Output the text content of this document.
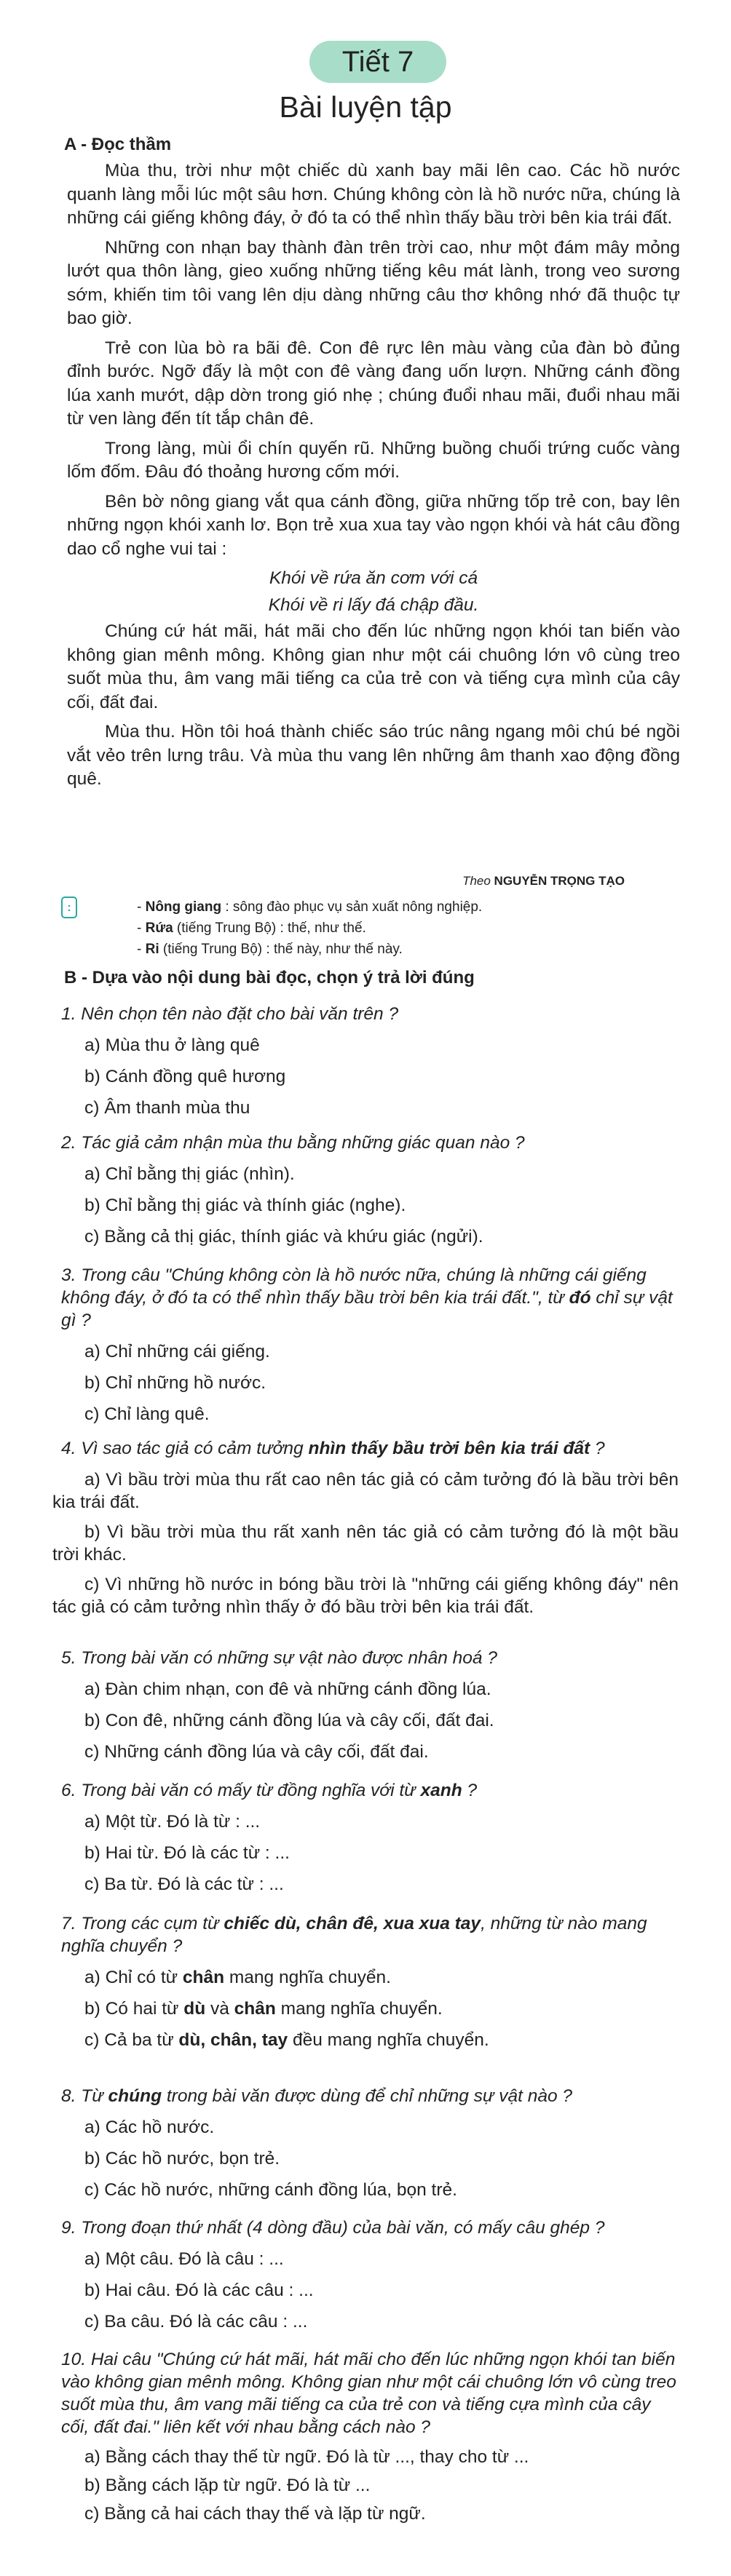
Tiết 7
Bài luyện tập
A - Đọc thầm

Mùa thu, trời như một chiếc dù xanh bay mãi lên cao. Các hồ nước quanh làng mỗi lúc một sâu hơn. Chúng không còn là hồ nước nữa, chúng là những cái giếng không đáy, ở đó ta có thể nhìn thấy bầu trời bên kia trái đất.

Những con nhạn bay thành đàn trên trời cao, như một đám mây mỏng lướt qua thôn làng, gieo xuống những tiếng kêu mát lành, trong veo sương sớm, khiến tim tôi vang lên dịu dàng những câu thơ không nhớ đã thuộc tự bao giờ.

Trẻ con lùa bò ra bãi đê. Con đê rực lên màu vàng của đàn bò đủng đỉnh bước. Ngỡ đấy là một con đê vàng đang uốn lượn. Những cánh đồng lúa xanh mướt, dập dờn trong gió nhẹ ; chúng đuổi nhau mãi, đuổi nhau mãi từ ven làng đến tít tắp chân đê.

Trong làng, mùi ổi chín quyến rũ. Những buồng chuối trứng cuốc vàng lốm đốm. Đâu đó thoảng hương cốm mới.

Bên bờ nông giang vắt qua cánh đồng, giữa những tốp trẻ con, bay lên những ngọn khói xanh lơ. Bọn trẻ xua xua tay vào ngọn khói và hát câu đồng dao cổ nghe vui tai :

Khói về rứa ăn cơm với cá

Khói về ri lấy đá chập đầu.

Chúng cứ hát mãi, hát mãi cho đến lúc những ngọn khói tan biến vào không gian mênh mông. Không gian như một cái chuông lớn vô cùng treo suốt mùa thu, âm vang mãi tiếng ca của trẻ con và tiếng cựa mình của cây cối, đất đai.

Mùa thu. Hồn tôi hoá thành chiếc sáo trúc nâng ngang môi chú bé ngồi vắt vẻo trên lưng trâu. Và mùa thu vang lên những âm thanh xao động đồng quê.

Theo NGUYỄN TRỌNG TẠO
:	- Nông giang : sông đào phục vụ sản xuất nông nghiệp.
- Rứa (tiếng Trung Bộ) : thế, như thế.
- Ri (tiếng Trung Bộ) : thế này, như thế này.
B - Dựa vào nội dung bài đọc, chọn ý trả lời đúng
1. Nên chọn tên nào đặt cho bài văn trên ?
a) Mùa thu ở làng quê
b) Cánh đồng quê hương
c) Âm thanh mùa thu
2. Tác giả cảm nhận mùa thu bằng những giác quan nào ?
a) Chỉ bằng thị giác (nhìn).
b) Chỉ bằng thị giác và thính giác (nghe).
c) Bằng cả thị giác, thính giác và khứu giác (ngửi).
3. Trong câu "Chúng không còn là hồ nước nữa, chúng là những cái giếng không đáy, ở đó ta có thể nhìn thấy bầu trời bên kia trái đất.", từ đó chỉ sự vật gì ?
a) Chỉ những cái giếng.
b) Chỉ những hồ nước.
c) Chỉ làng quê.
4. Vì sao tác giả có cảm tưởng nhìn thấy bầu trời bên kia trái đất ?
a) Vì bầu trời mùa thu rất cao nên tác giả có cảm tưởng đó là bầu trời bên kia trái đất.
b) Vì bầu trời mùa thu rất xanh nên tác giả có cảm tưởng đó là một bầu trời khác.
c) Vì những hồ nước in bóng bầu trời là "những cái giếng không đáy" nên tác giả có cảm tưởng nhìn thấy ở đó bầu trời bên kia trái đất.
5. Trong bài văn có những sự vật nào được nhân hoá ?
a) Đàn chim nhạn, con đê và những cánh đồng lúa.
b) Con đê, những cánh đồng lúa và cây cối, đất đai.
c) Những cánh đồng lúa và cây cối, đất đai.
6. Trong bài văn có mấy từ đồng nghĩa với từ xanh ?
a) Một từ. Đó là từ : ...
b) Hai từ. Đó là các từ : ...
c) Ba từ. Đó là các từ : ...
7. Trong các cụm từ chiếc dù, chân đê, xua xua tay, những từ nào mang nghĩa chuyển ?
a) Chỉ có từ chân mang nghĩa chuyển.
b) Có hai từ dù và chân mang nghĩa chuyển.
c) Cả ba từ dù, chân, tay đều mang nghĩa chuyển.
8. Từ chúng trong bài văn được dùng để chỉ những sự vật nào ?
a) Các hồ nước.
b) Các hồ nước, bọn trẻ.
c) Các hồ nước, những cánh đồng lúa, bọn trẻ.
9. Trong đoạn thứ nhất (4 dòng đầu) của bài văn, có mấy câu ghép ?
a) Một câu. Đó là câu : ...
b) Hai câu. Đó là các câu : ...
c) Ba câu. Đó là các câu : ...
10. Hai câu "Chúng cứ hát mãi, hát mãi cho đến lúc những ngọn khói tan biến vào không gian mênh mông. Không gian như một cái chuông lớn vô cùng treo suốt mùa thu, âm vang mãi tiếng ca của trẻ con và tiếng cựa mình của cây cối, đất đai." liên kết với nhau bằng cách nào ?
a) Bằng cách thay thế từ ngữ. Đó là từ ..., thay cho từ ...
b) Bằng cách lặp từ ngữ. Đó là từ ...
c) Bằng cả hai cách thay thế và lặp từ ngữ.
